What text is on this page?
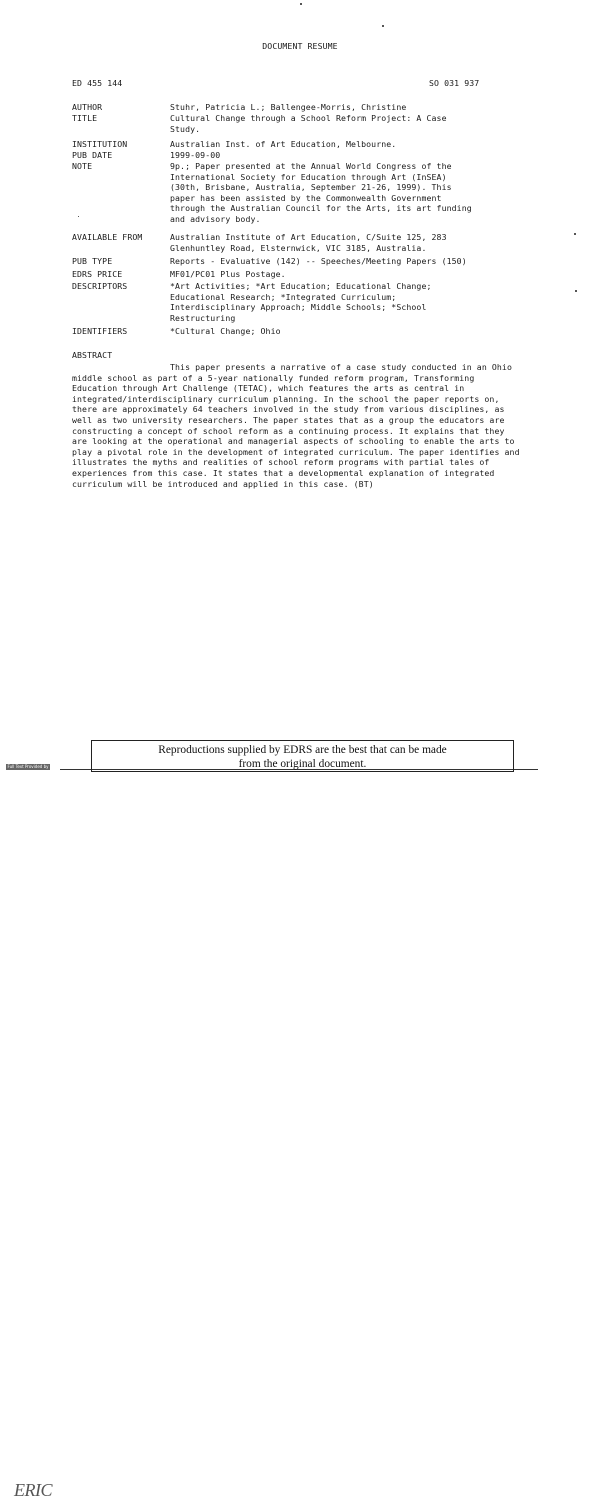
DOCUMENT RESUME
ED 455 144	SO 031 937
AUTHOR	Stuhr, Patricia L.; Ballengee-Morris, Christine
TITLE	Cultural Change through a School Reform Project: A Case
Study.
INSTITUTION	Australian Inst. of Art Education, Melbourne.
PUB DATE	1999-09-00
NOTE	9p.; Paper presented at the Annual World Congress of the
International Society for Education through Art (InSEA)
(30th, Brisbane, Australia, September 21-26, 1999). This
paper has been assisted by the Commonwealth Government
through the Australian Council for the Arts, its art funding
and advisory body.
AVAILABLE FROM	Australian Institute of Art Education, C/Suite 125, 283
Glenhuntley Road, Elsternwick, VIC 3185, Australia.
PUB TYPE	Reports - Evaluative (142) -- Speeches/Meeting Papers (150)
EDRS PRICE	MF01/PC01 Plus Postage.
DESCRIPTORS	*Art Activities; *Art Education; Educational Change;
Educational Research; *Integrated Curriculum;
Interdisciplinary Approach; Middle Schools; *School
Restructuring
IDENTIFIERS	*Cultural Change; Ohio
ABSTRACT
This paper presents a narrative of a case study conducted in an Ohio middle school as part of a 5-year nationally funded reform program, Transforming Education through Art Challenge (TETAC), which features the arts as central in integrated/interdisciplinary curriculum planning. In the school the paper reports on, there are approximately 64 teachers involved in the study from various disciplines, as well as two university researchers. The paper states that as a group the educators are constructing a concept of school reform as a continuing process. It explains that they are looking at the operational and managerial aspects of schooling to enable the arts to play a pivotal role in the development of integrated curriculum. The paper identifies and illustrates the myths and realities of school reform programs with partial tales of experiences from this case. It states that a developmental explanation of integrated curriculum will be introduced and applied in this case. (BT)
ERIC
Full Text Provided by ERIC
Reproductions supplied by EDRS are the best that can be made
from the original document.
